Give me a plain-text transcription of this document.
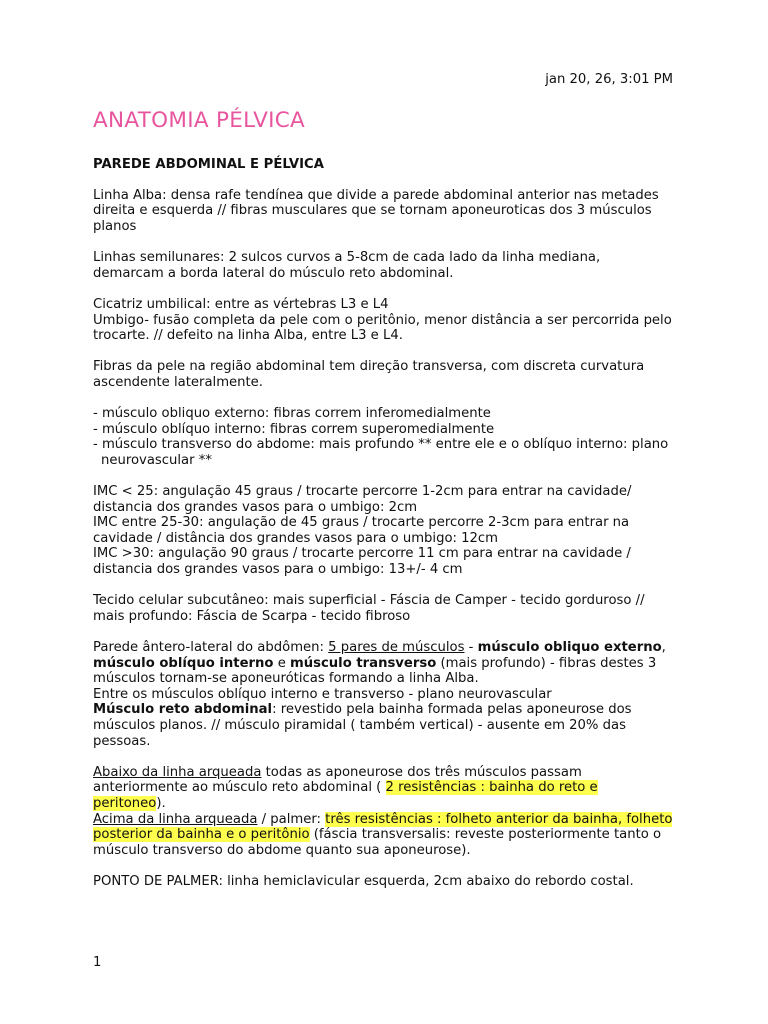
jan 20, 26, 3:01 PM
ANATOMIA PÉLVICA
PAREDE ABDOMINAL E PÉLVICA

Linha Alba: densa rafe tendínea que divide a parede abdominal anterior nas metades direita e esquerda // fibras musculares que se tornam aponeuroticas dos 3 músculos planos

Linhas semilunares: 2 sulcos curvos a 5-8cm de cada lado da linha mediana, demarcam a borda lateral do músculo reto abdominal.

Cicatriz umbilical: entre as vértebras L3 e L4
Umbigo- fusão completa da pele com o peritônio, menor distância a ser percorrida pelo trocarte. // defeito na linha Alba, entre L3 e L4.

Fibras da pele na região abdominal tem direção transversa, com discreta curvatura ascendente lateralmente.

- músculo obliquo externo: fibras correm inferomedialmente
- músculo oblíquo interno: fibras correm superomedialmente
- músculo transverso do abdome: mais profundo ** entre ele e o oblíquo interno: plano neurovascular **

IMC < 25: angulação 45 graus / trocarte percorre 1-2cm para entrar na cavidade/ distancia dos grandes vasos para o umbigo: 2cm
IMC entre 25-30: angulação de 45 graus / trocarte percorre 2-3cm para entrar na cavidade / distância dos grandes vasos para o umbigo: 12cm
IMC >30: angulação 90 graus / trocarte percorre 11 cm para entrar na cavidade / distancia dos grandes vasos para o umbigo: 13+/- 4 cm

Tecido celular subcutâneo: mais superficial - Fáscia de Camper - tecido gorduroso // mais profundo: Fáscia de Scarpa - tecido fibroso

Parede ântero-lateral do abdômen: 5 pares de músculos - músculo obliquo externo, músculo oblíquo interno e músculo transverso (mais profundo) - fibras destes 3 músculos tornam-se aponeuróticas formando a linha Alba.
Entre os músculos oblíquo interno e transverso - plano neurovascular
Músculo reto abdominal: revestido pela bainha formada pelas aponeurose dos músculos planos. // músculo piramidal ( também vertical) - ausente em 20% das pessoas.

Abaixo da linha arqueada todas as aponeurose dos três músculos passam anteriormente ao músculo reto abdominal ( 2 resistências : bainha do reto e peritoneo).
Acima da linha arqueada / palmer: três resistências : folheto anterior da bainha, folheto posterior da bainha e o peritônio (fáscia transversalis: reveste posteriormente tanto o músculo transverso do abdome quanto sua aponeurose).

PONTO DE PALMER: linha hemiclavicular esquerda, 2cm abaixo do rebordo costal.

1
